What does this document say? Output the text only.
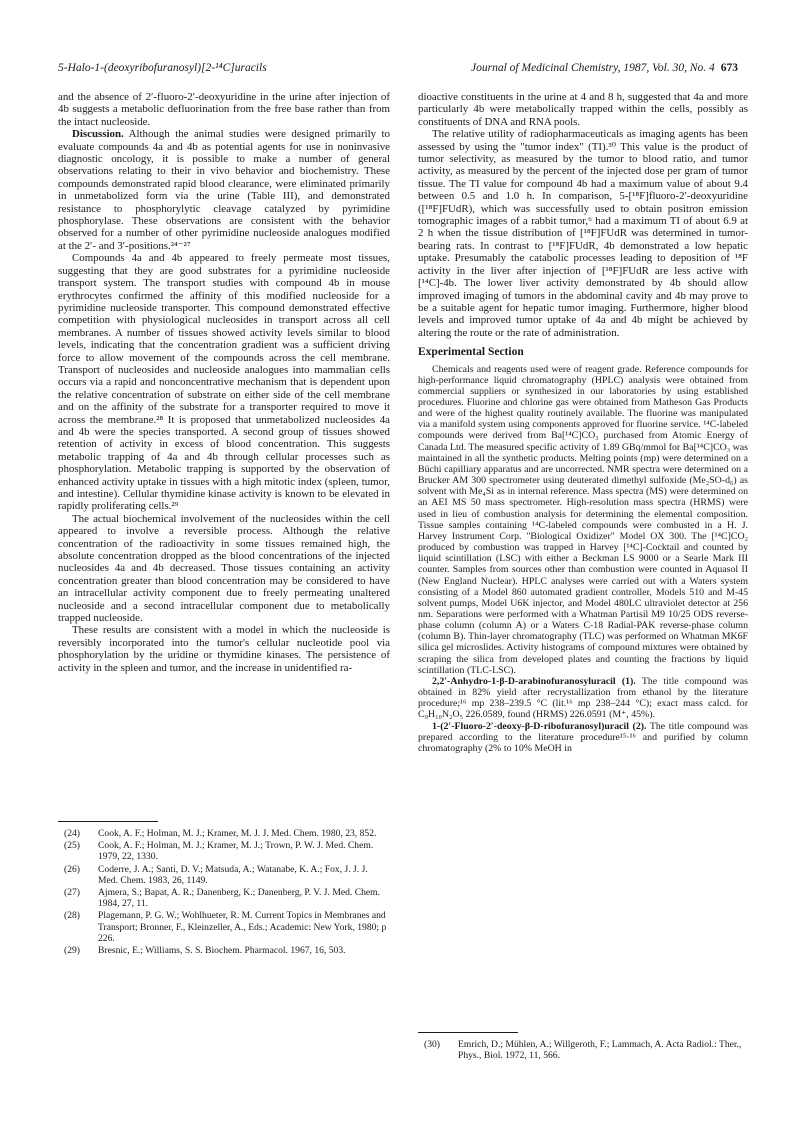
5-Halo-1-(deoxyribofuranosyl)[2-¹⁴C]uracils	Journal of Medicinal Chemistry, 1987, Vol. 30, No. 4 673

and the absence of 2′-fluoro-2′-deoxyuridine in the urine after injection of 4b suggests a metabolic defluorination from the free base rather than from the intact nucleoside.

Discussion. Although the animal studies were designed primarily to evaluate compounds 4a and 4b as potential agents for use in noninvasive diagnostic oncology, it is possible to make a number of general observations relating to their in vivo behavior and biochemistry. These compounds demonstrated rapid blood clearance, were eliminated primarily in unmetabolized form via the urine (Table III), and demonstrated resistance to phosphorylytic cleavage catalyzed by pyrimidine phosphorylase. These observations are consistent with the behavior observed for a number of other pyrimidine nucleoside analogues modified at the 2′- and 3′-positions.²⁴⁻²⁷

Compounds 4a and 4b appeared to freely permeate most tissues, suggesting that they are good substrates for a pyrimidine nucleoside transport system. The transport studies with compound 4b in mouse erythrocytes confirmed the affinity of this modified nucleoside for a pyrimidine nucleoside transporter. This compound demonstrated effective competition with physiological nucleosides in transport across all cell membranes. A number of tissues showed activity levels similar to blood levels, indicating that the concentration gradient was a sufficient driving force to allow movement of the compounds across the cell membrane. Transport of nucleosides and nucleoside analogues into mammalian cells occurs via a rapid and nonconcentrative mechanism that is dependent upon the relative concentration of substrate on either side of the cell membrane and on the affinity of the substrate for a transporter required to move it across the membrane.²⁸ It is proposed that unmetabolized nucleosides 4a and 4b were the species transported. A second group of tissues showed retention of activity in excess of blood concentration. This suggests metabolic trapping of 4a and 4b through cellular processes such as phosphorylation. Metabolic trapping is supported by the observation of enhanced activity uptake in tissues with a high mitotic index (spleen, tumor, and intestine). Cellular thymidine kinase activity is known to be elevated in rapidly proliferating cells.²⁹

The actual biochemical involvement of the nucleosides within the cell appeared to involve a reversible process. Although the relative concentration of the radioactivity in some tissues remained high, the absolute concentration dropped as the blood concentrations of the injected nucleosides 4a and 4b decreased. Those tissues containing an activity concentration greater than blood concentration may be considered to have an intracellular activity component due to freely permeating unaltered nucleoside and a second intracellular component due to metabolically trapped nucleoside.

These results are consistent with a model in which the nucleoside is reversibly incorporated into the tumor's cellular nucleotide pool via phosphorylation by the uridine or thymidine kinases. The persistence of activity in the spleen and tumor, and the increase in unidentified ra-

dioactive constituents in the urine at 4 and 8 h, suggested that 4a and more particularly 4b were metabolically trapped within the cells, possibly as constituents of DNA and RNA pools.

The relative utility of radiopharmaceuticals as imaging agents has been assessed by using the "tumor index" (TI).³⁰ This value is the product of tumor selectivity, as measured by the tumor to blood ratio, and tumor activity, as measured by the percent of the injected dose per gram of tumor tissue. The TI value for compound 4b had a maximum value of about 9.4 between 0.5 and 1.0 h. In comparison, 5-[¹⁸F]fluoro-2′-deoxyuridine ([¹⁸F]FUdR), which was successfully used to obtain positron emission tomographic images of a rabbit tumor,⁶ had a maximum TI of about 6.9 at 2 h when the tissue distribution of [¹⁸F]FUdR was determined in tumor-bearing rats. In contrast to [¹⁸F]FUdR, 4b demonstrated a low hepatic uptake. Presumably the catabolic processes leading to deposition of ¹⁸F activity in the liver after injection of [¹⁸F]FUdR are less active with [¹⁴C]-4b. The lower liver activity demonstrated by 4b should allow improved imaging of tumors in the abdominal cavity and 4b may prove to be a suitable agent for hepatic tumor imaging. Furthermore, higher blood levels and improved tumor uptake of 4a and 4b might be achieved by altering the route or the rate of administration.

Experimental Section

Chemicals and reagents used were of reagent grade. Reference compounds for high-performance liquid chromatography (HPLC) analysis were obtained from commercial suppliers or synthesized in our laboratories by using established procedures. Fluorine and chlorine gas were obtained from Matheson Gas Products and were of the highest quality routinely available. The fluorine was manipulated via a manifold system using components approved for fluorine service. ¹⁴C-labeled compounds were derived from Ba[¹⁴C]CO₃ purchased from Atomic Energy of Canada Ltd. The measured specific activity of 1.89 GBq/mmol for Ba[¹⁴C]CO₃ was maintained in all the synthetic products. Melting points (mp) were determined on a Büchi capilliary apparatus and are uncorrected. NMR spectra were determined on a Brucker AM 300 spectrometer using deuterated dimethyl sulfoxide (Me₂SO-d₆) as solvent with Me₄Si as in internal reference. Mass spectra (MS) were determined on an AEI MS 50 mass spectrometer. High-resolution mass spectra (HRMS) were used in lieu of combustion analysis for determining the elemental composition. Tissue samples containing ¹⁴C-labeled compounds were combusted in a H. J. Harvey Instrument Corp. "Biological Oxidizer" Model OX 300. The [¹⁴C]CO₂ produced by combustion was trapped in Harvey [¹⁴C]-Cocktail and counted by liquid scintillation (LSC) with either a Beckman LS 9000 or a Searle Mark III counter. Samples from sources other than combustion were counted in Aquasol II (New England Nuclear). HPLC analyses were carried out with a Waters system consisting of a Model 860 automated gradient controller, Models 510 and M-45 solvent pumps, Model U6K injector, and Model 480LC ultraviolet detector at 256 nm. Separations were performed with a Whatman Partisil M9 10/25 ODS reverse-phase column (column A) or a Waters C-18 Radial-PAK reverse-phase column (column B). Thin-layer chromatography (TLC) was performed on Whatman MK6F silica gel microslides. Activity histograms of compound mixtures were obtained by scraping the silica from developed plates and counting the fractions by liquid scintillation (TLC-LSC).

2,2′-Anhydro-1-β-D-arabinofuranosyluracil (1). The title compound was obtained in 82% yield after recrystallization from ethanol by the literature procedure;¹⁶ mp 238–239.5 °C (lit.¹⁶ mp 238–244 °C); exact mass calcd. for C₉H₁₀N₂O₅ 226.0589, found (HRMS) 226.0591 (M⁺, 45%).

1-(2′-Fluoro-2′-deoxy-β-D-ribofuranosyl)uracil (2). The title compound was prepared according to the literature procedure¹⁵·¹⁶ and purified by column chromatography (2% to 10% MeOH in

(24) Cook, A. F.; Holman, M. J.; Kramer, M. J. J. Med. Chem. 1980, 23, 852.
(25) Cook, A. F.; Holman, M. J.; Kramer, M. J.; Trown, P. W. J. Med. Chem. 1979, 22, 1330.
(26) Coderre, J. A.; Santi, D. V.; Matsuda, A.; Watanabe, K. A.; Fox, J. J. J. Med. Chem. 1983, 26, 1149.
(27) Ajmera, S.; Bapat, A. R.; Danenberg, K.; Danenberg, P. V. J. Med. Chem. 1984, 27, 11.
(28) Plagemann, P. G. W.; Wohlhueter, R. M. Current Topics in Membranes and Transport; Bronner, F., Kleinzeller, A., Eds.; Academic: New York, 1980; p 226.
(29) Bresnic, E.; Williams, S. S. Biochem. Pharmacol. 1967, 16, 503.
(30) Emrich, D.; Mühlen, A.; Willgeroth, F.; Lammach, A. Acta Radiol.: Ther., Phys., Biol. 1972, 11, 566.
